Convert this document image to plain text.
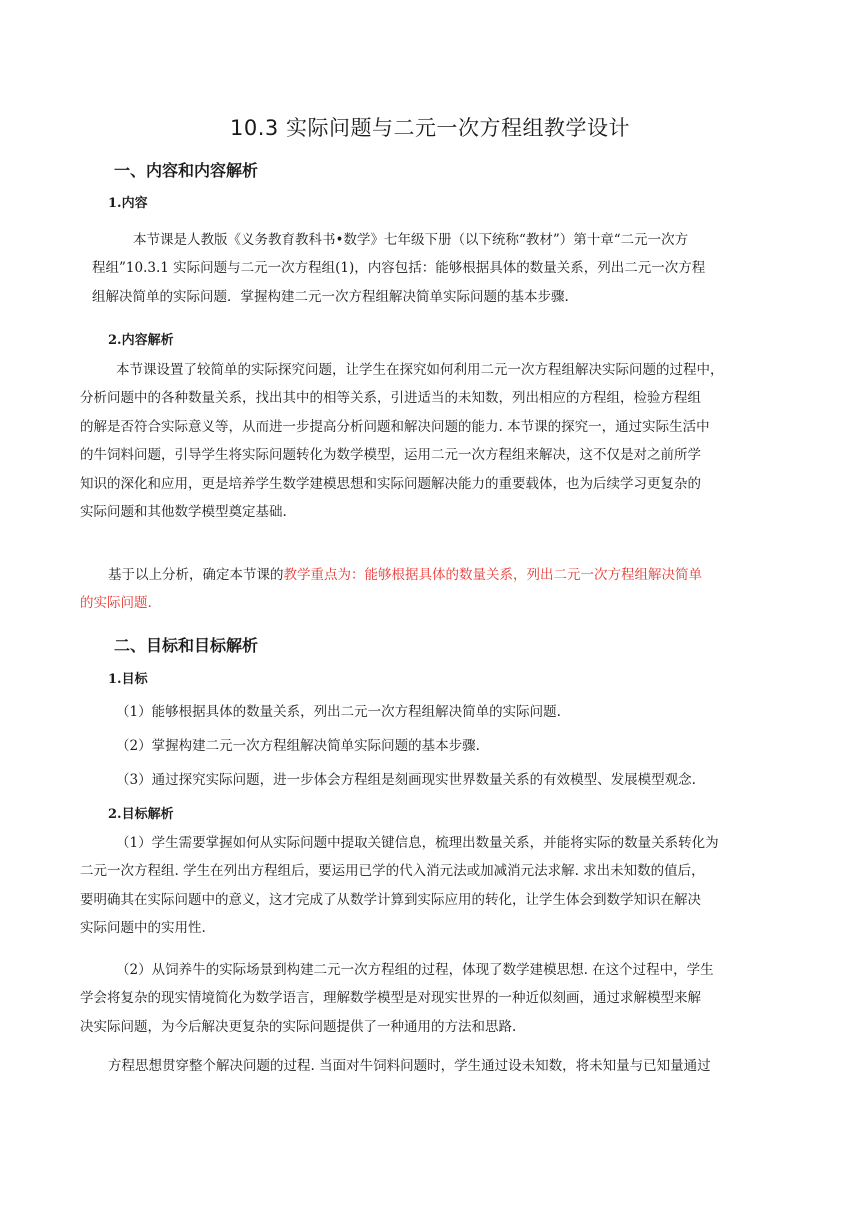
10.3 实际问题与二元一次方程组教学设计
一、内容和内容解析
1.内容
本节课是人教版《义务教育教科书•数学》七年级下册（以下统称“教材”）第十章“二元一次方
程组”10.3.1 实际问题与二元一次方程组(1)，内容包括：能够根据具体的数量关系，列出二元一次方程
组解决简单的实际问题．掌握构建二元一次方程组解决简单实际问题的基本步骤.
2.内容解析
本节课设置了较简单的实际探究问题，让学生在探究如何利用二元一次方程组解决实际问题的过程中，
分析问题中的各种数量关系，找出其中的相等关系，引进适当的未知数，列出相应的方程组，检验方程组
的解是否符合实际意义等，从而进一步提高分析问题和解决问题的能力. 本节课的探究一，通过实际生活中
的牛饲料问题，引导学生将实际问题转化为数学模型，运用二元一次方程组来解决，这不仅是对之前所学
知识的深化和应用，更是培养学生数学建模思想和实际问题解决能力的重要载体，也为后续学习更复杂的
实际问题和其他数学模型奠定基础.
基于以上分析，确定本节课的教学重点为：能够根据具体的数量关系，列出二元一次方程组解决简单
的实际问题.
二、目标和目标解析
1.目标
（1）能够根据具体的数量关系，列出二元一次方程组解决简单的实际问题.
（2）掌握构建二元一次方程组解决简单实际问题的基本步骤.
（3）通过探究实际问题，进一步体会方程组是刻画现实世界数量关系的有效模型、发展模型观念.
2.目标解析
（1）学生需要掌握如何从实际问题中提取关键信息，梳理出数量关系，并能将实际的数量关系转化为
二元一次方程组. 学生在列出方程组后，要运用已学的代入消元法或加减消元法求解. 求出未知数的值后，
要明确其在实际问题中的意义，这才完成了从数学计算到实际应用的转化，让学生体会到数学知识在解决
实际问题中的实用性.
（2）从饲养牛的实际场景到构建二元一次方程组的过程，体现了数学建模思想. 在这个过程中，学生
学会将复杂的现实情境简化为数学语言，理解数学模型是对现实世界的一种近似刻画，通过求解模型来解
决实际问题，为今后解决更复杂的实际问题提供了一种通用的方法和思路.
方程思想贯穿整个解决问题的过程. 当面对牛饲料问题时，学生通过设未知数，将未知量与已知量通过
